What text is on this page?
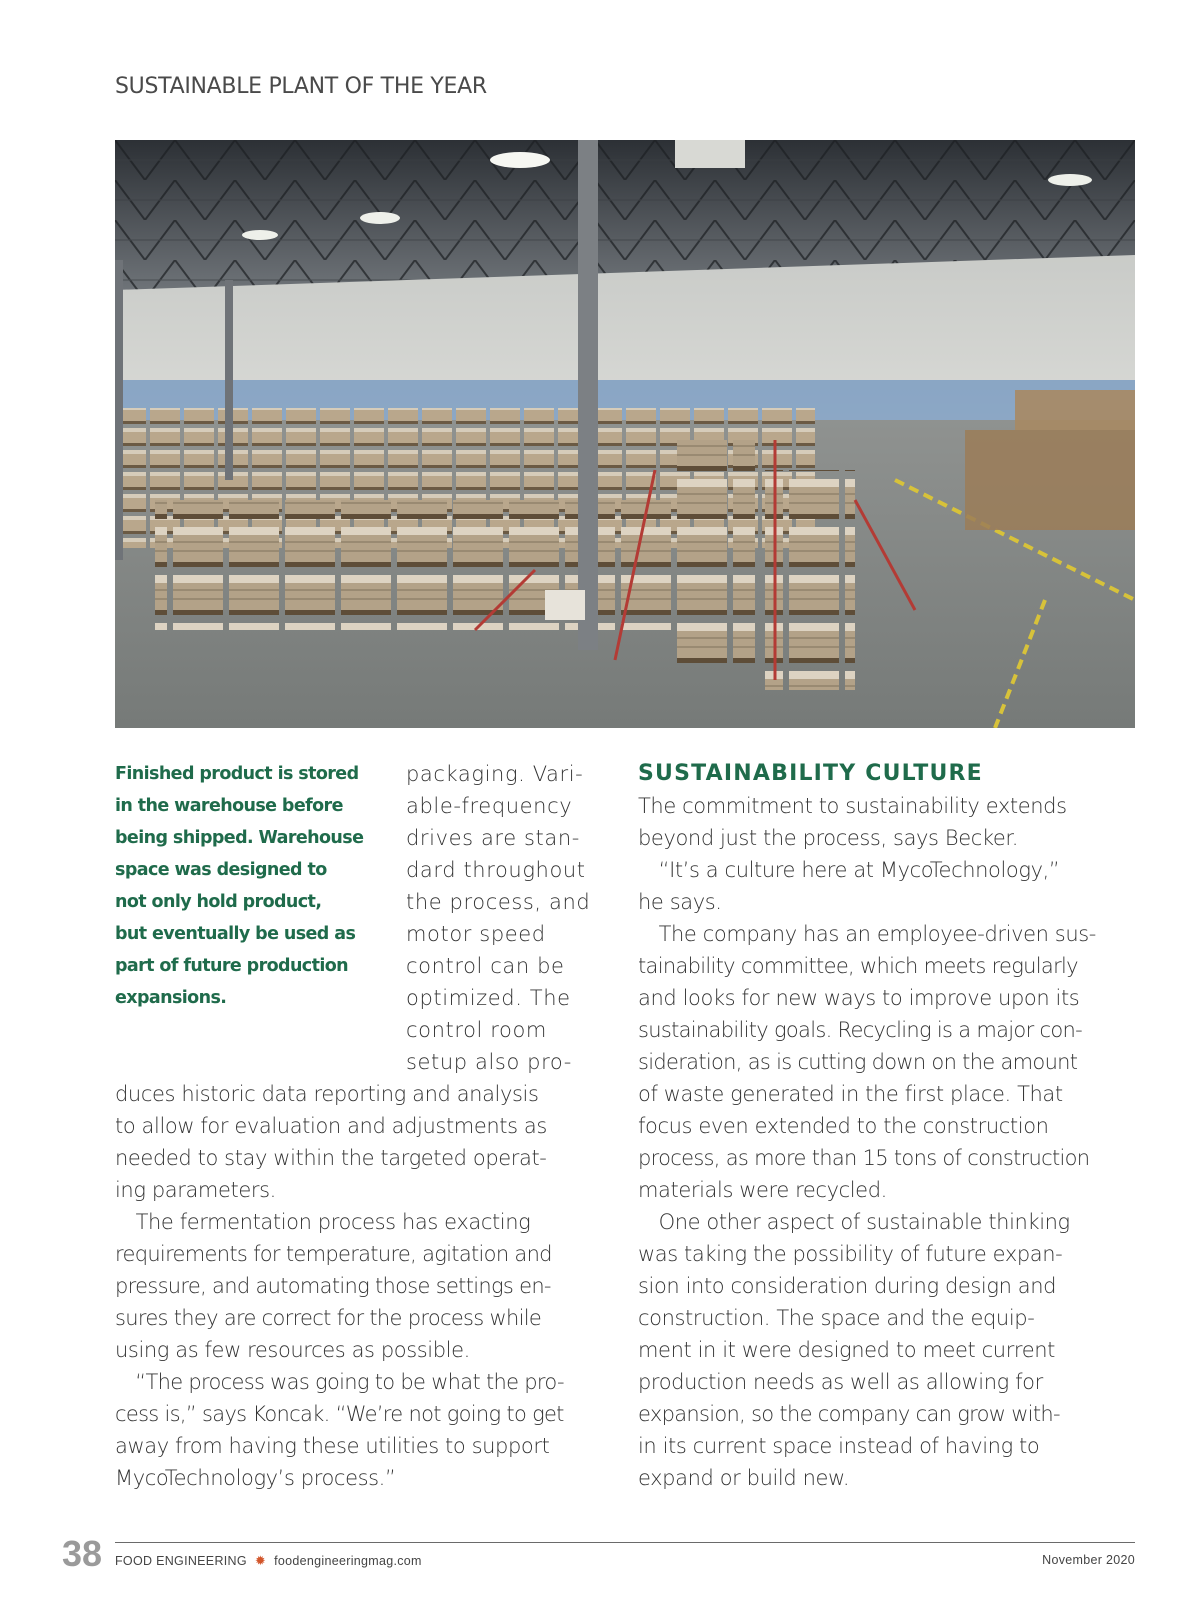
SUSTAINABLE PLANT OF THE YEAR
Finished product is stored
in the warehouse before
being shipped. Warehouse
space was designed to
not only hold product,
but eventually be used as
part of future production
expansions.
packaging. Vari-
able-frequency
drives are stan-
dard throughout
the process, and
motor speed
control can be
optimized. The
control room
setup also pro-
duces historic data reporting and analysis
to allow for evaluation and adjustments as
needed to stay within the targeted operat-
ing parameters.
 The fermentation process has exacting
requirements for temperature, agitation and
pressure, and automating those settings en-
sures they are correct for the process while
using as few resources as possible.
 “The process was going to be what the pro-
cess is,” says Koncak. “We’re not going to get
away from having these utilities to support
MycoTechnology’s process.”
SUSTAINABILITY CULTURE
The commitment to sustainability extends
beyond just the process, says Becker.
 “It’s a culture here at MycoTechnology,”
he says.
 The company has an employee-driven sus-
tainability committee, which meets regularly
and looks for new ways to improve upon its
sustainability goals. Recycling is a major con-
sideration, as is cutting down on the amount
of waste generated in the first place. That
focus even extended to the construction
process, as more than 15 tons of construction
materials were recycled.
 One other aspect of sustainable thinking
was taking the possibility of future expan-
sion into consideration during design and
construction. The space and the equip-
ment in it were designed to meet current
production needs as well as allowing for
expansion, so the company can grow with-
in its current space instead of having to
expand or build new.
38 FOOD ENGINEERING ✹ foodengineeringmag.com	November 2020
